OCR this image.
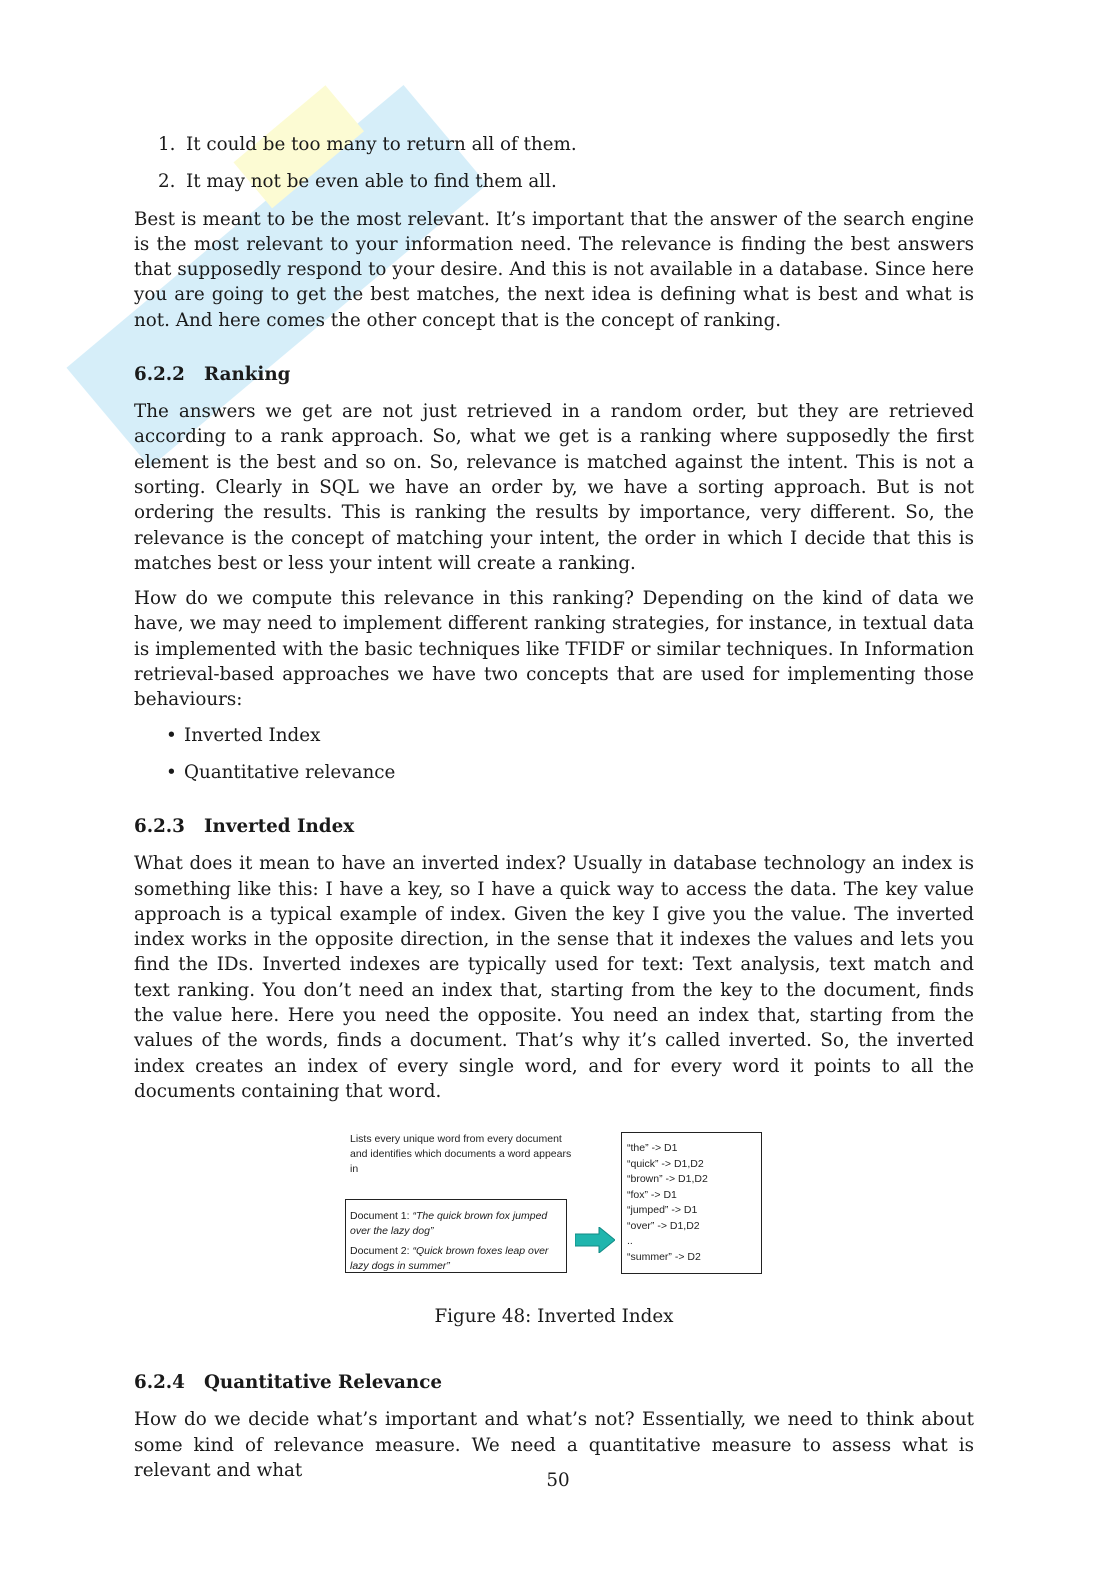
1. It could be too many to return all of them.
2. It may not be even able to find them all.

Best is meant to be the most relevant. It’s important that the answer of the search engine is the most relevant to your information need. The relevance is finding the best answers that supposedly respond to your desire. And this is not available in a database. Since here you are going to get the best matches, the next idea is defining what is best and what is not. And here comes the other concept that is the concept of ranking.

6.2.2 Ranking

The answers we get are not just retrieved in a random order, but they are retrieved according to a rank approach. So, what we get is a ranking where supposedly the first element is the best and so on. So, relevance is matched against the intent. This is not a sorting. Clearly in SQL we have an order by, we have a sorting approach. But is not ordering the results. This is ranking the results by importance, very different. So, the relevance is the concept of matching your intent, the order in which I decide that this is matches best or less your intent will create a ranking.

How do we compute this relevance in this ranking? Depending on the kind of data we have, we may need to implement different ranking strategies, for instance, in textual data is implemented with the basic techniques like TFIDF or similar techniques. In Information retrieval-based approaches we have two concepts that are used for implementing those behaviours:

• Inverted Index
• Quantitative relevance
6.2.3 Inverted Index

What does it mean to have an inverted index? Usually in database technology an index is something like this: I have a key, so I have a quick way to access the data. The key value approach is a typical example of index. Given the key I give you the value. The inverted index works in the opposite direction, in the sense that it indexes the values and lets you find the IDs. Inverted indexes are typically used for text: Text analysis, text match and text ranking. You don’t need an index that, starting from the key to the document, finds the value here. Here you need the opposite. You need an index that, starting from the values of the words, finds a document. That’s why it’s called inverted. So, the inverted index creates an index of every single word, and for every word it points to all the documents containing that word.

Lists every unique word from every document and identifies which documents a word appears in
Document 1: “The quick brown fox jumped over the lazy dog”
Document 2: “Quick brown foxes leap over lazy dogs in summer”
“the” -> D1
“quick” -> D1,D2
“brown” -> D1,D2
“fox” -> D1
“jumped” -> D1
“over” -> D1,D2
..
“summer” -> D2
Figure 48: Inverted Index
6.2.4 Quantitative Relevance

How do we decide what’s important and what’s not? Essentially, we need to think about some kind of relevance measure. We need a quantitative measure to assess what is relevant and what	50
